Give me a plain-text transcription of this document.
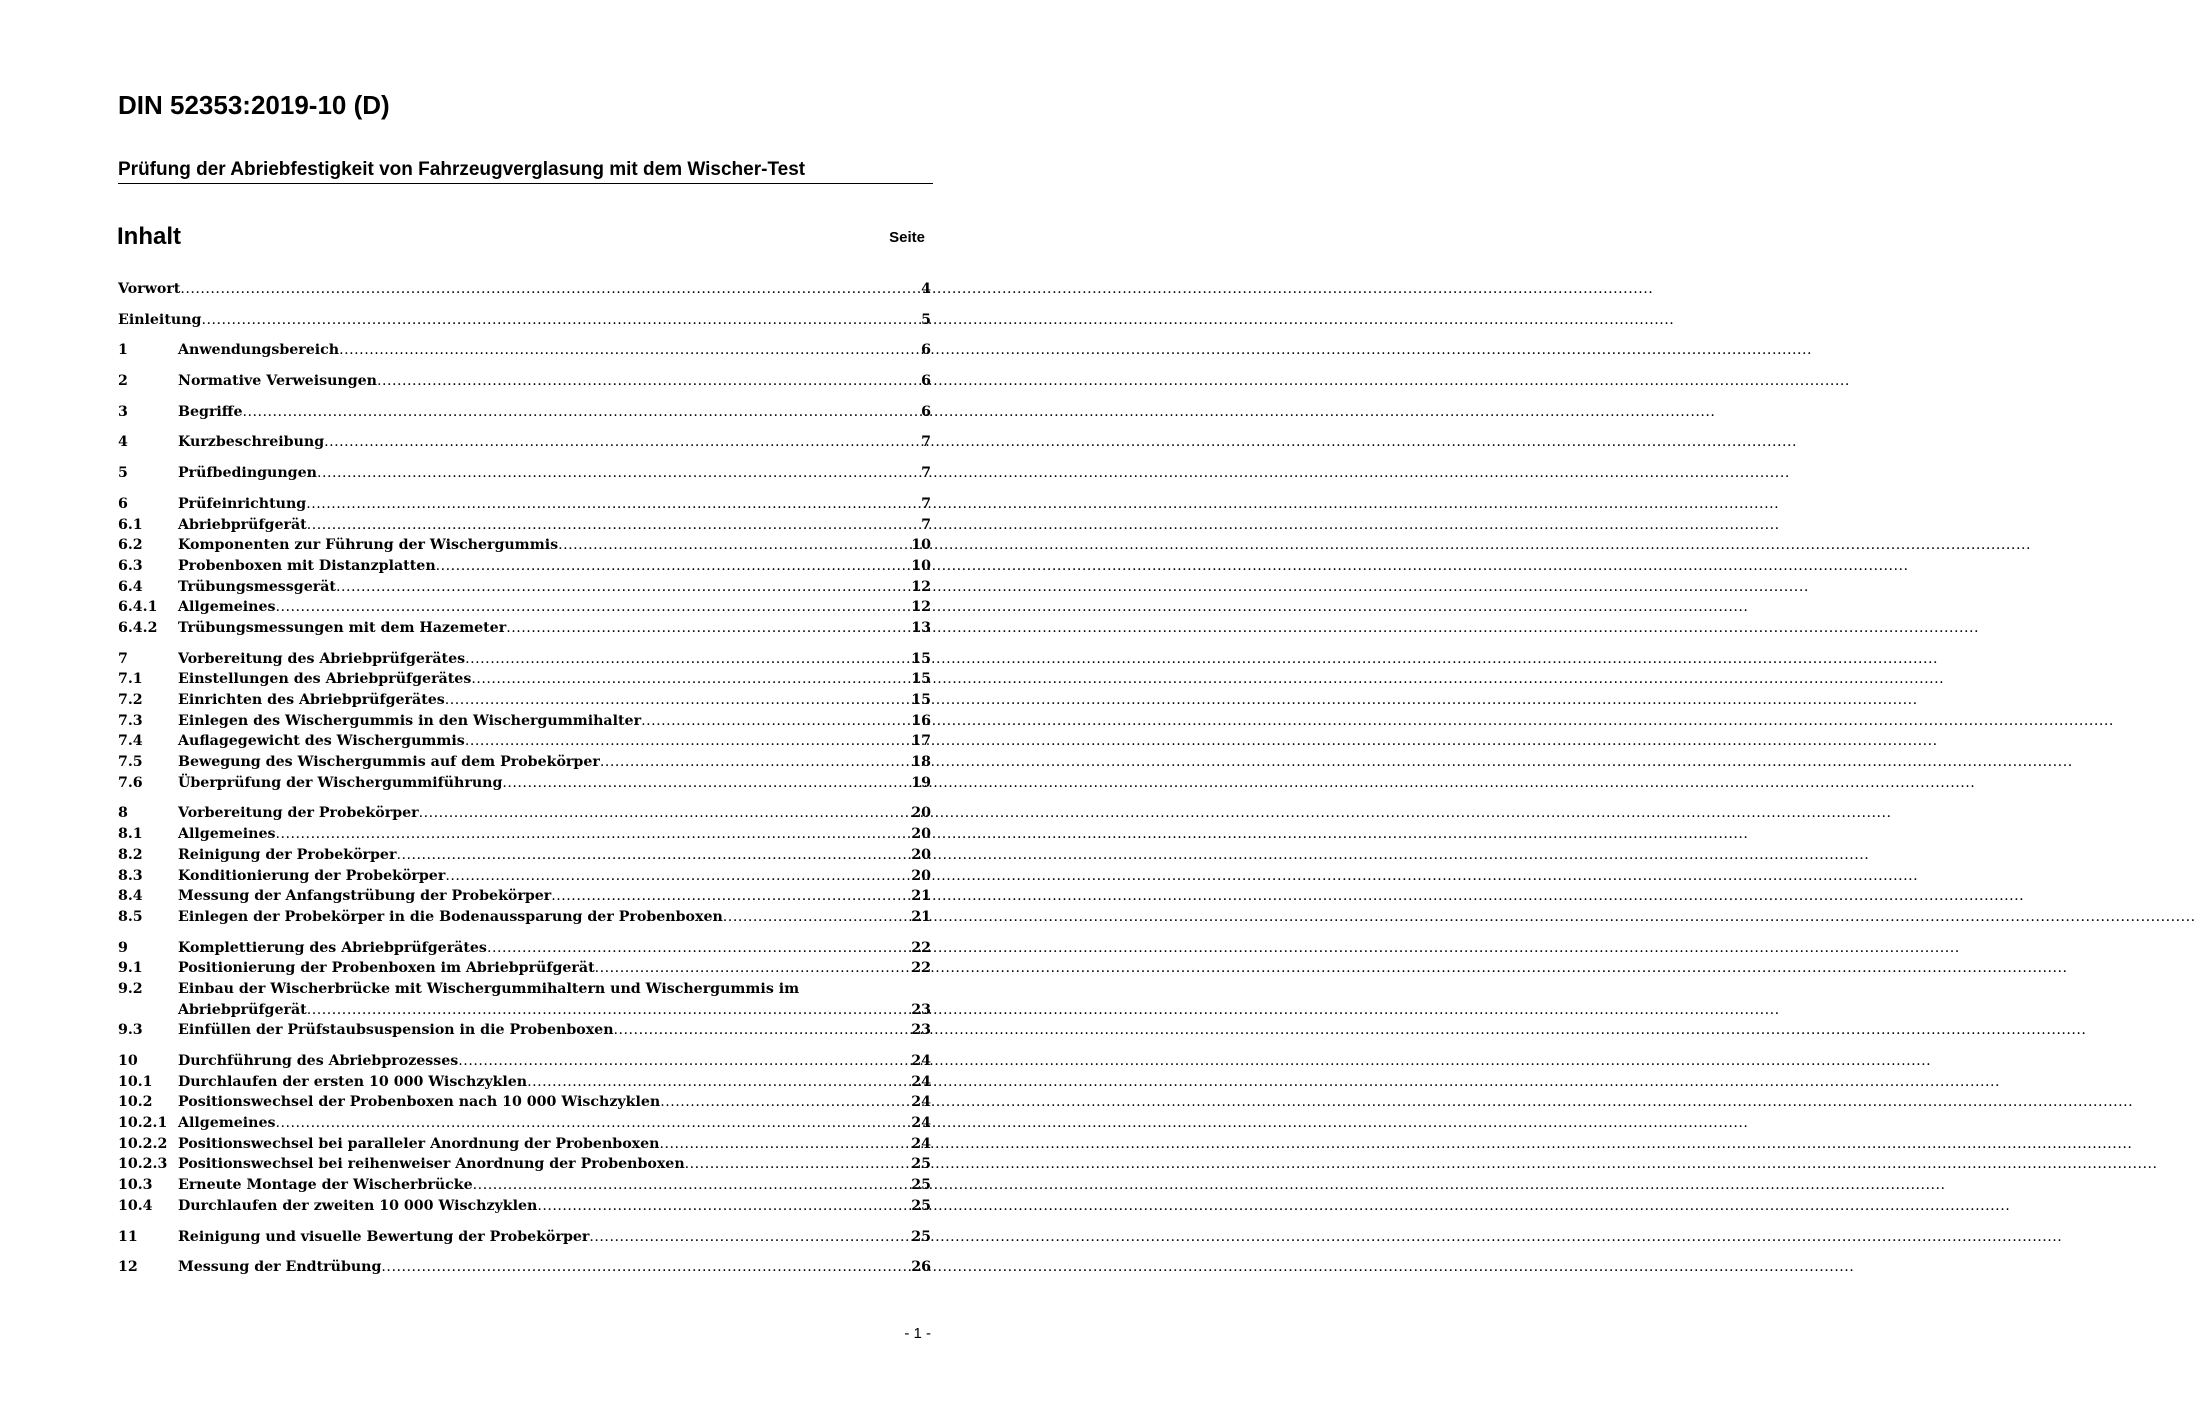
DIN 52353:2019-10 (D)
Prüfung der Abriebfestigkeit von Fahrzeugverglasung mit dem Wischer-Test
Inhalt	Seite
Vorwort .....	4
Einleitung .....	5
1	Anwendungsbereich .....	6
2	Normative Verweisungen .....	6
3	Begriffe .....	6
4	Kurzbeschreibung .....	7
5	Prüfbedingungen .....	7
6	Prüfeinrichtung .....	7
6.1	Abriebprüfgerät .....	7
6.2	Komponenten zur Führung der Wischergummis .....	10
6.3	Probenboxen mit Distanzplatten .....	10
6.4	Trübungsmessgerät .....	12
6.4.1	Allgemeines .....	12
6.4.2	Trübungsmessungen mit dem Hazemeter .....	13
7	Vorbereitung des Abriebprüfgerätes .....	15
7.1	Einstellungen des Abriebprüfgerätes .....	15
7.2	Einrichten des Abriebprüfgerätes .....	15
7.3	Einlegen des Wischergummis in den Wischergummihalter .....	16
7.4	Auflagegewicht des Wischergummis .....	17
7.5	Bewegung des Wischergummis auf dem Probekörper .....	18
7.6	Überprüfung der Wischergummiführung .....	19
8	Vorbereitung der Probekörper .....	20
8.1	Allgemeines .....	20
8.2	Reinigung der Probekörper .....	20
8.3	Konditionierung der Probekörper .....	20
8.4	Messung der Anfangstrübung der Probekörper .....	21
8.5	Einlegen der Probekörper in die Bodenaussparung der Probenboxen .....	21
9	Komplettierung des Abriebprüfgerätes .....	22
9.1	Positionierung der Probenboxen im Abriebprüfgerät .....	22
9.2	Einbau der Wischerbrücke mit Wischergummihaltern und Wischergummis im
Abriebprüfgerät .....	23
9.3	Einfüllen der Prüfstaubsuspension in die Probenboxen .....	23
10	Durchführung des Abriebprozesses .....	24
10.1	Durchlaufen der ersten 10 000 Wischzyklen .....	24
10.2	Positionswechsel der Probenboxen nach 10 000 Wischzyklen .....	24
10.2.1 Allgemeines .....	24
10.2.2 Positionswechsel bei paralleler Anordnung der Probenboxen .....	24
10.2.3 Positionswechsel bei reihenweiser Anordnung der Probenboxen .....	25
10.3	Erneute Montage der Wischerbrücke .....	25
10.4	Durchlaufen der zweiten 10 000 Wischzyklen .....	25
11	Reinigung und visuelle Bewertung der Probekörper .....	25
12	Messung der Endtrübung .....	26
- 1 -
